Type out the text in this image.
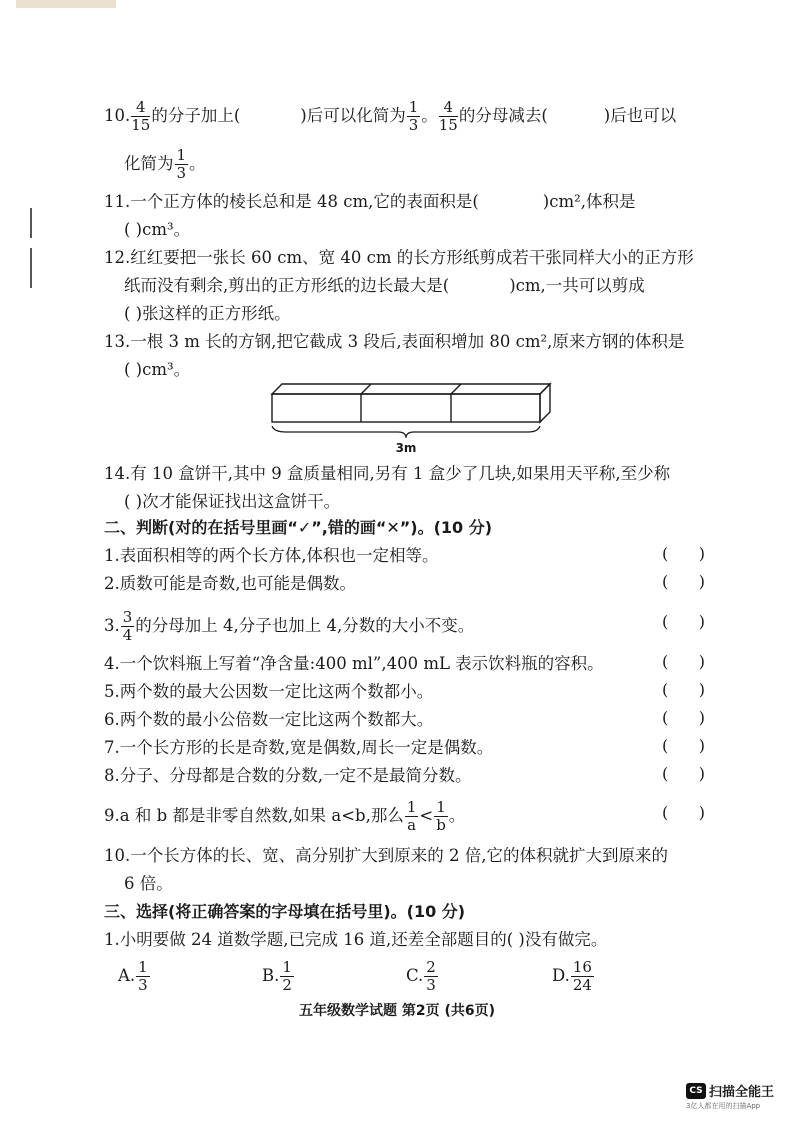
10. $\frac{4}{15}$ 的分子加上(	)后可以化简为 $\frac{1}{3}$ 。 $\frac{4}{15}$ 的分母减去(	)后也可以
化简为 $\frac{1}{3}$ 。
11.一个正方体的棱长总和是 48 cm,它的表面积是(	)cm²,体积是
( )cm³。
12.红红要把一张长 60 cm、宽 40 cm 的长方形纸剪成若干张同样大小的正方形
纸而没有剩余,剪出的正方形纸的边长最大是(	)cm,一共可以剪成
( )张这样的正方形纸。
13.一根 3 m 长的方钢,把它截成 3 段后,表面积增加 80 cm²,原来方钢的体积是
( )cm³。
3m
14.有 10 盒饼干,其中 9 盒质量相同,另有 1 盒少了几块,如果用天平称,至少称
( )次才能保证找出这盒饼干。
二、判断(对的在括号里画“✓”,错的画“✕”)。(10 分)
1.表面积相等的两个长方体,体积也一定相等。	(      )
2.质数可能是奇数,也可能是偶数。	(      )
3. $\frac{3}{4}$ 的分母加上 4,分子也加上 4,分数的大小不变。	(      )
4.一个饮料瓶上写着“净含量:400 ml”,400 mL 表示饮料瓶的容积。	(      )
5.两个数的最大公因数一定比这两个数都小。	(      )
6.两个数的最小公倍数一定比这两个数都大。	(      )
7.一个长方形的长是奇数,宽是偶数,周长一定是偶数。	(      )
8.分子、分母都是合数的分数,一定不是最简分数。	(      )
9.a 和 b 都是非零自然数,如果 a<b,那么 $\frac{1}{a} < \frac{1}{b}$ 。	(      )
10.一个长方体的长、宽、高分别扩大到原来的 2 倍,它的体积就扩大到原来的
6 倍。
三、选择(将正确答案的字母填在括号里)。(10 分)
1.小明要做 24 道数学题,已完成 16 道,还差全部题目的( )没有做完。
A. $\frac{1}{3}$	B. $\frac{1}{2}$	C. $\frac{2}{3}$	D. $\frac{16}{24}$
五年级数学试题 第2页 (共6页)
CS 扫描全能王
3亿人都在用的扫描App
